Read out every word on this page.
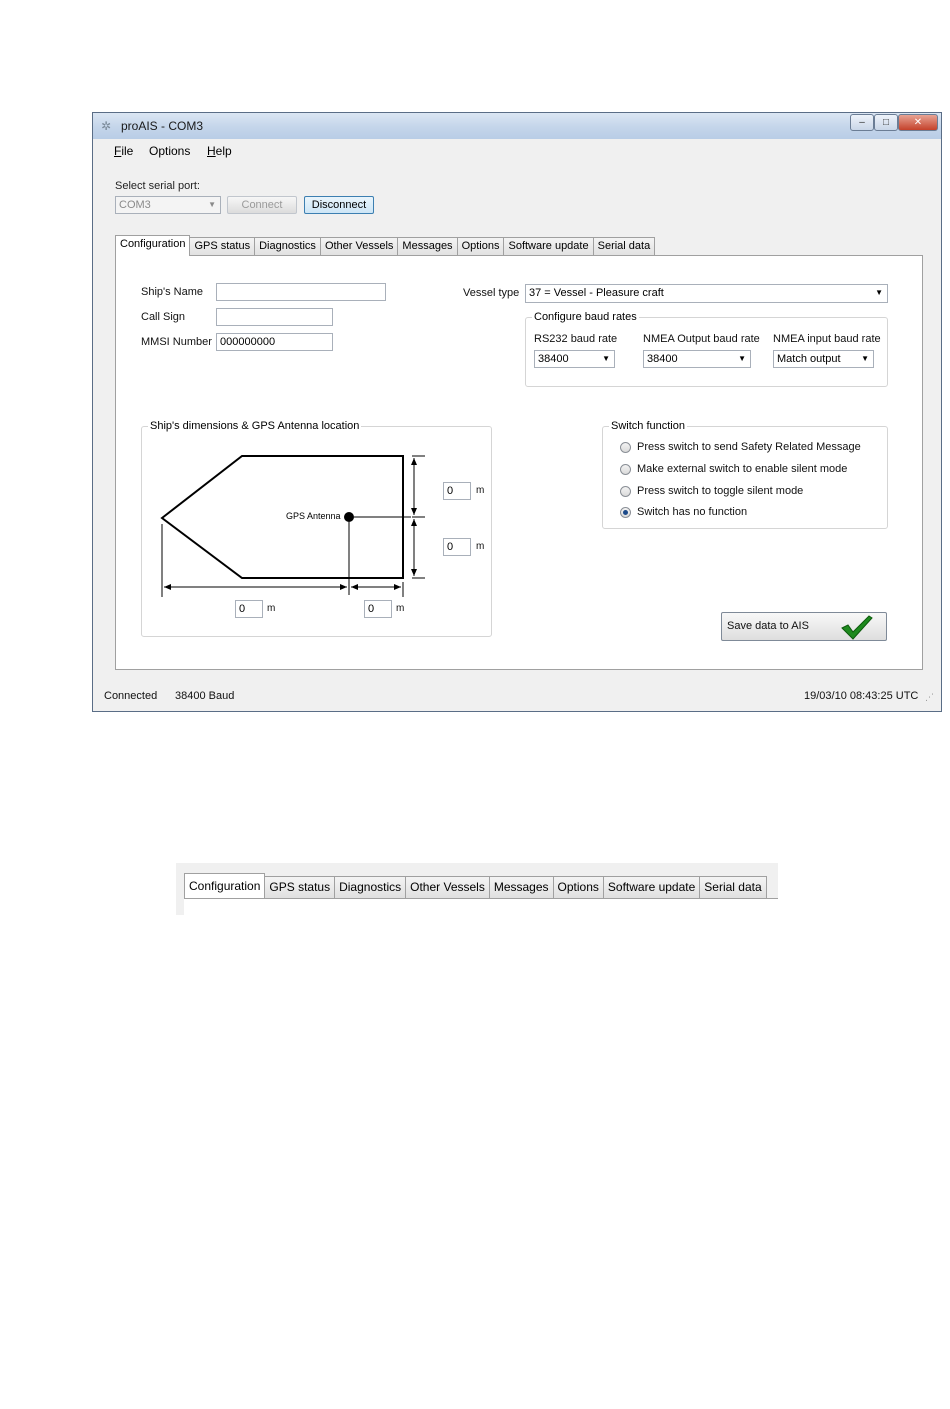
✲ proAIS - COM3	–	□	✕
File Options Help
Select serial port:
COM3	▼	Connect	Disconnect
Configuration GPS status Diagnostics Other Vessels Messages Options Software update Serial data
Ship's Name
Call Sign
MMSI Number 000000000
Vessel type 37 = Vessel - Pleasure craft	▼
Configure baud rates
RS232 baud rate
38400	▼
NMEA Output baud rate
38400	▼
NMEA input baud rate
Match output	▼
Ship's dimensions & GPS Antenna location
GPS Antenna
0	m
0	m
0	m	0	m
Switch function
Press switch to send Safety Related Message
Make external switch to enable silent mode
Press switch to toggle silent mode
Switch has no function
Save data to AIS
Connected 38400 Baud	19/03/10 08:43:25 UTC ⋰
Configuration GPS status Diagnostics Other Vessels Messages Options Software update Serial data
